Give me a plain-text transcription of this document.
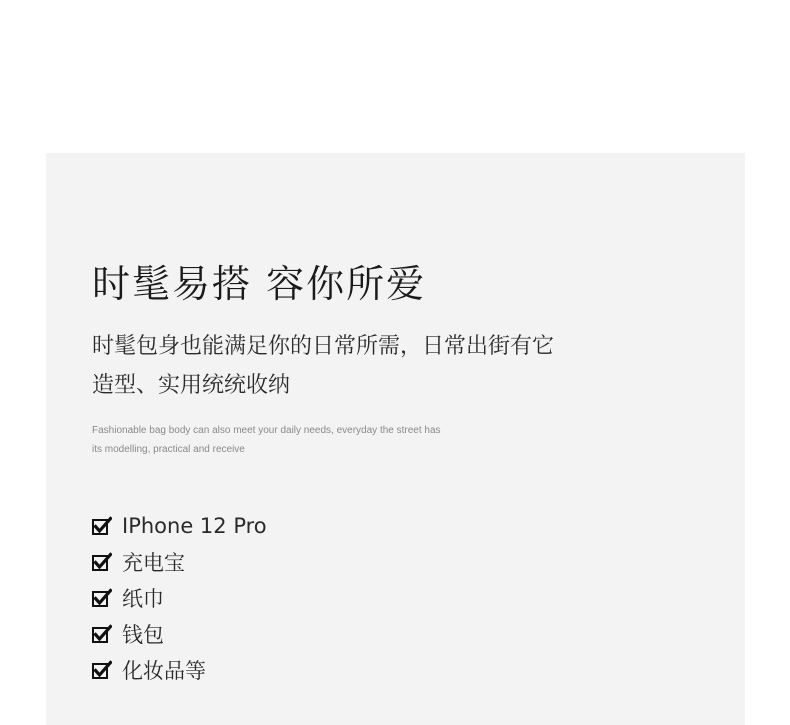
时髦易搭 容你所爱

时髦包身也能满足你的日常所需，日常出街有它
造型、实用统统收纳

Fashionable bag body can also meet your daily needs, everyday the street has
its modelling, practical and receive

IPhone 12 Pro
充电宝
纸巾
钱包
化妆品等
